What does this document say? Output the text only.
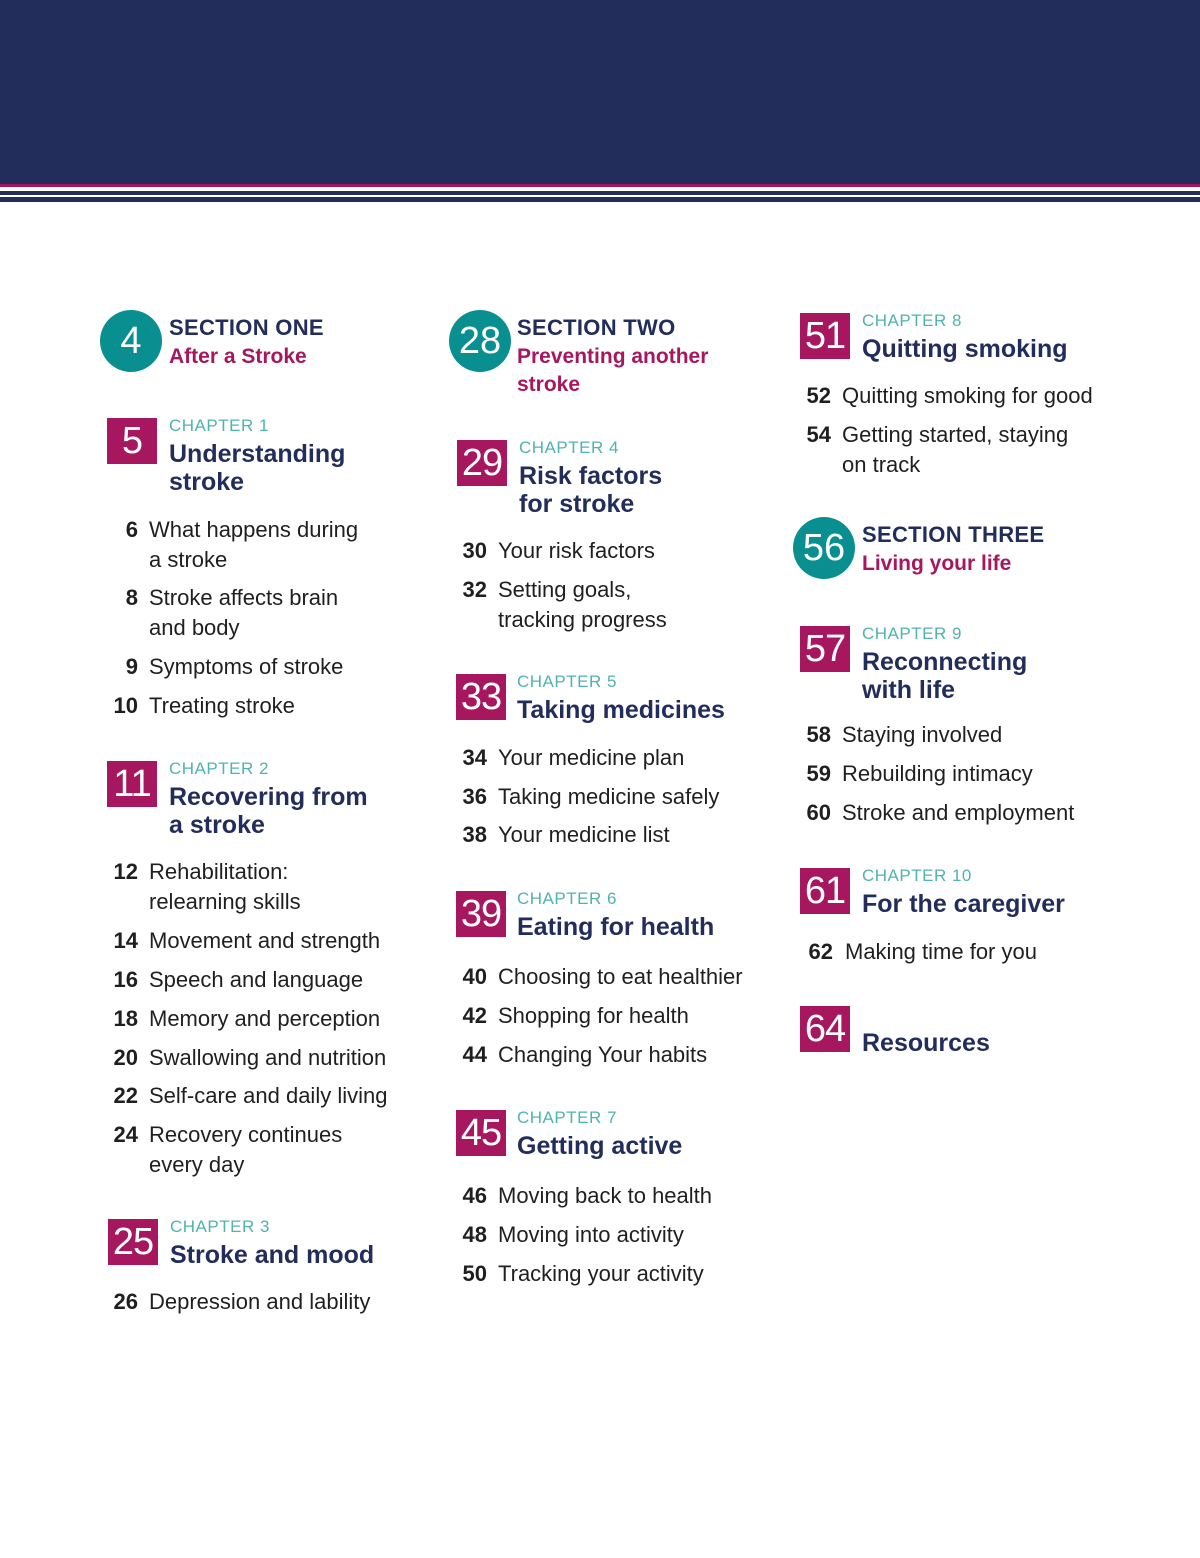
4	SECTION ONE
After a Stroke
5	CHAPTER 1
Understanding
stroke
6 What happens during
a stroke
8 Stroke affects brain
and body
9 Symptoms of stroke
10 Treating stroke
11	CHAPTER 2
Recovering from
a stroke
12 Rehabilitation:
relearning skills
14 Movement and strength
16 Speech and language
18 Memory and perception
20 Swallowing and nutrition
22 Self-care and daily living
24 Recovery continues
every day
25 CHAPTER 3
Stroke and mood
26 Depression and lability
28 SECTION TWO
Preventing another
stroke
29 CHAPTER 4
Risk factors
for stroke
30 Your risk factors
32 Setting goals,
tracking progress
33 CHAPTER 5
Taking medicines
34 Your medicine plan
36 Taking medicine safely
38 Your medicine list
39 CHAPTER 6
Eating for health
40 Choosing to eat healthier
42 Shopping for health
44 Changing Your habits
45 CHAPTER 7
Getting active
46 Moving back to health
48 Moving into activity
50 Tracking your activity
51 CHAPTER 8
Quitting smoking
52 Quitting smoking for good
54 Getting started, staying
on track
56 SECTION THREE
Living your life
57 CHAPTER 9
Reconnecting
with life
58 Staying involved
59 Rebuilding intimacy
60 Stroke and employment
61 CHAPTER 10
For the caregiver
62 Making time for you
64 Resources
